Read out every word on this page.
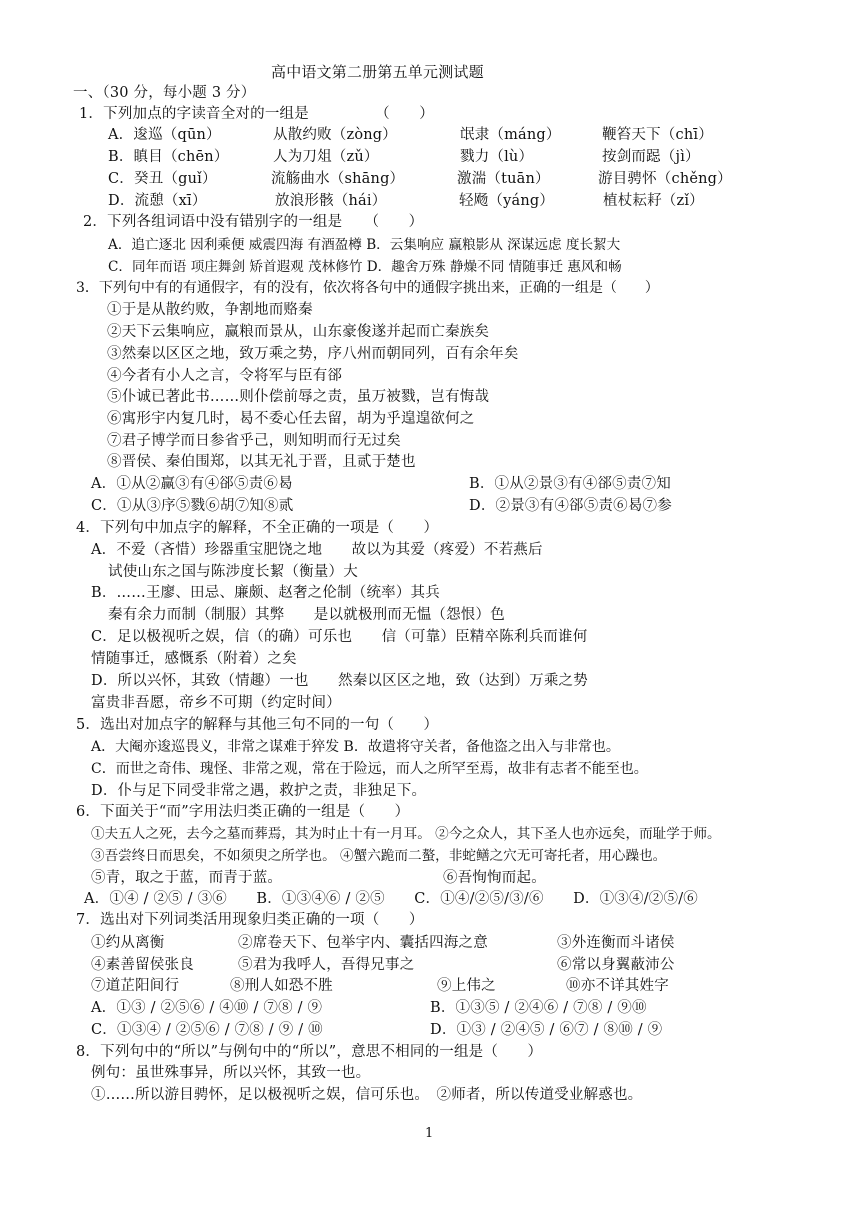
高中语文第二册第五单元测试题
一、（30 分，每小题 3 分）
1．下列加点的字读音全对的一组是　　　　　（　　）
A．逡巡（qūn）	从散约败（zòng）	氓隶（máng）	鞭笞天下（chī）
B．瞋目（chēn）	人为刀俎（zǔ）	戮力（lù）	按剑而跽（jì）
C．癸丑（guǐ）	流觞曲水（shāng）	激湍（tuān）	游目骋怀（chěng）
D．流憩（xī）	放浪形骸（hái）	轻飏（yáng）	植杖耘耔（zǐ）
2．下列各组词语中没有错别字的一组是　　（　　）
A．追亡逐北 因利乘便 威震四海 有酒盈樽 B．云集响应 赢粮影从 深谋远虑 度长絜大
C．同年而语 项庄舞剑 矫首遐观 茂林修竹 D．趣舍万殊 静燥不同 情随事迁 惠风和畅
3．下列句中有的有通假字，有的没有，依次将各句中的通假字挑出来，正确的一组是（　　）
①于是从散约败，争割地而赂秦
②天下云集响应，赢粮而景从，山东豪俊遂并起而亡秦族矣
③然秦以区区之地，致万乘之势，序八州而朝同列，百有余年矣
④今者有小人之言，令将军与臣有郤
⑤仆诚已著此书……则仆偿前辱之责，虽万被戮，岂有悔哉
⑥寓形宇内复几时，曷不委心任去留，胡为乎遑遑欲何之
⑦君子博学而日参省乎己，则知明而行无过矣
⑧晋侯、秦伯围郑，以其无礼于晋，且贰于楚也
A．①从②赢③有④郤⑤责⑥曷	B．①从②景③有④郤⑤责⑦知
C．①从③序⑤戮⑥胡⑦知⑧贰	D．②景③有④郤⑤责⑥曷⑦参
4．下列句中加点字的解释，不全正确的一项是（　　）
A．不爱（吝惜）珍器重宝肥饶之地　　故以为其爱（疼爱）不若燕后
试使山东之国与陈涉度长絜（衡量）大
B．……王廖、田忌、廉颇、赵奢之伦制（统率）其兵
秦有余力而制（制服）其弊　　是以就极刑而无愠（怨恨）色
C．足以极视听之娱，信（的确）可乐也　　信（可靠）臣精卒陈利兵而谁何
情随事迁，感慨系（附着）之矣
D．所以兴怀，其致（情趣）一也　　然秦以区区之地，致（达到）万乘之势
富贵非吾愿，帝乡不可期（约定时间）
5．选出对加点字的解释与其他三句不同的一句（　　）
A．大阉亦逡巡畏义，非常之谋难于猝发 B．故遣将守关者，备他盗之出入与非常也。
C．而世之奇伟、瑰怪、非常之观，常在于险远，而人之所罕至焉，故非有志者不能至也。
D．仆与足下同受非常之遇，救护之责，非独足下。
6．下面关于“而”字用法归类正确的一组是（　　）
①夫五人之死，去今之墓而葬焉，其为时止十有一月耳。 ②今之众人，其下圣人也亦远矣，而耻学于师。
③吾尝终日而思矣，不如须臾之所学也。 ④蟹六跪而二螯，非蛇鳝之穴无可寄托者，用心躁也。
⑤青，取之于蓝，而青于蓝。	⑥吾恂恂而起。
A．①④ / ②⑤ / ③⑥　　B．①③④⑥ / ②⑤　　C．①④/②⑤/③/⑥　　D．①③④/②⑤/⑥
7．选出对下列词类活用现象归类正确的一项（　　）
①约从离衡	②席卷天下、包举宇内、囊括四海之意	③外连衡而斗诸侯
④素善留侯张良	⑤君为我呼人，吾得兄事之	⑥常以身翼蔽沛公
⑦道芷阳间行	⑧刑人如恐不胜	⑨上伟之	⑩亦不详其姓字
A．①③ / ②⑤⑥ / ④⑩ / ⑦⑧ / ⑨	B．①③⑤ / ②④⑥ / ⑦⑧ / ⑨⑩
C．①③④ / ②⑤⑥ / ⑦⑧ / ⑨ / ⑩	D．①③ / ②④⑤ / ⑥⑦ / ⑧⑩ / ⑨
8．下列句中的“所以”与例句中的“所以”，意思不相同的一组是（　　）
例句：虽世殊事异，所以兴怀，其致一也。
①……所以游目骋怀，足以极视听之娱，信可乐也。　②师者，所以传道受业解惑也。
1
